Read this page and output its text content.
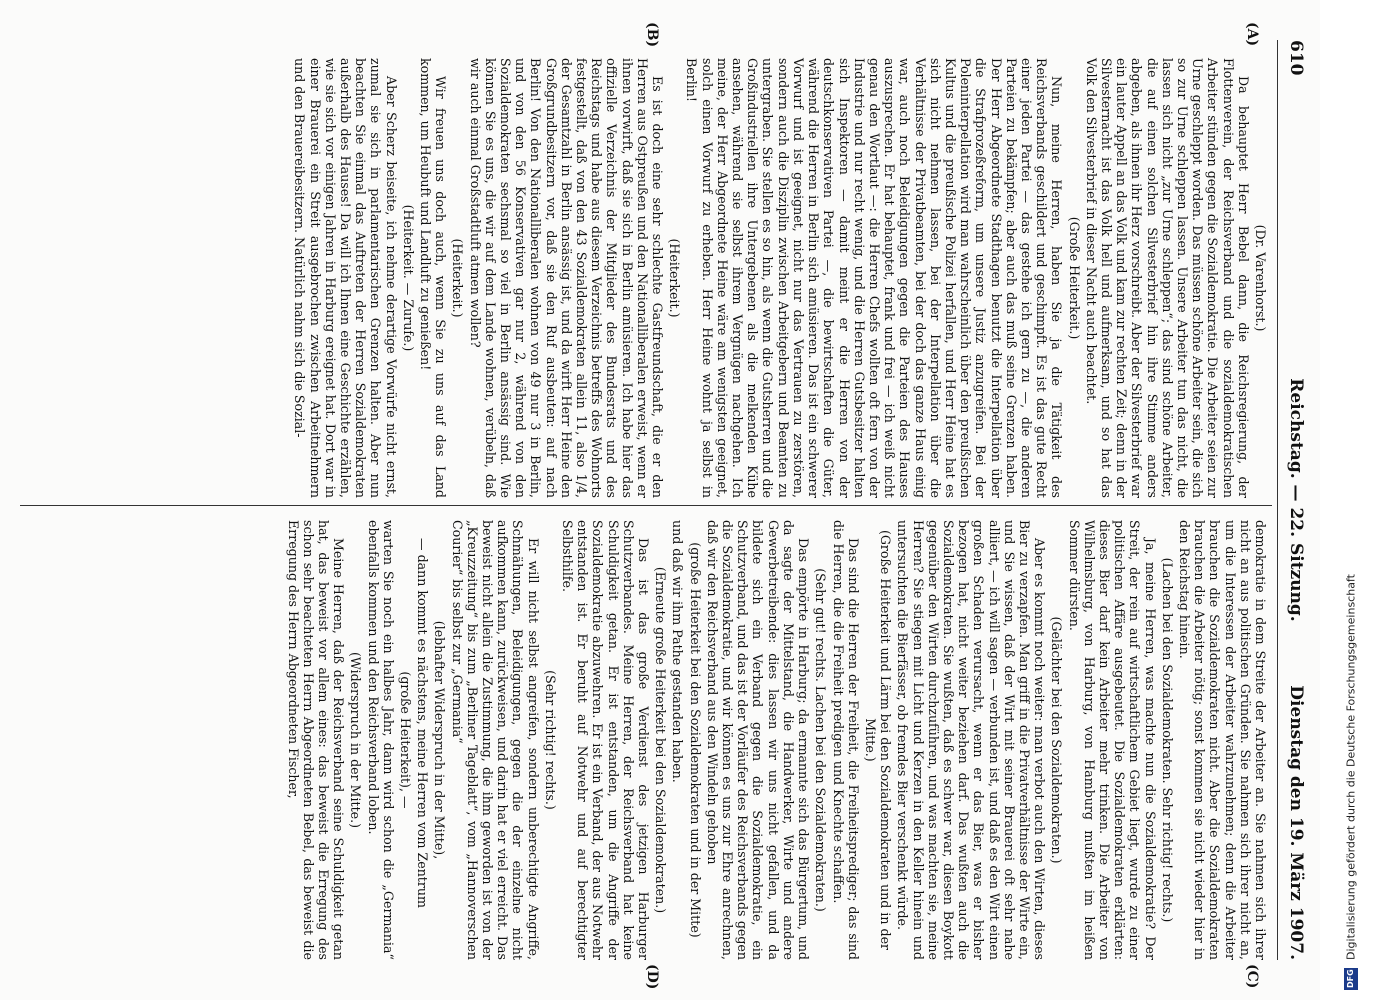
610
Reichstag. — 22. Sitzung.
Dienstag den 19. März 1907.
(A)
(B)
(C)
(D)

(Dr. Varenhorst.)

Da behauptet Herr Bebel dann, die Reichsregierung, der Flottenverein, der Reichsverband und die sozialdemokratischen Arbeiter stünden gegen die Sozialdemokratie. Die Arbeiter seien zur Urne geschleppt worden. Das müssen schöne Arbeiter sein, die sich so zur Urne schleppen lassen. Unsere Arbeiter tun das nicht, die lassen sich nicht „zur Urne schleppen“; das sind schöne Arbeiter, die auf einen solchen Silvesterbrief hin ihre Stimme anders abgeben, als ihnen ihr Herz vorschreibt. Aber der Silvesterbrief war ein lauter Appell an das Volk und kam zur rechten Zeit; denn in der Silvesternacht ist das Volk hell und aufmerksam, und so hat das Volk den Silvesterbrief in dieser Nacht auch beachtet.

(Große Heiterkeit.)

Nun, meine Herren, haben Sie ja die Tätigkeit des Reichsverbands geschildert und geschimpft. Es ist das gute Recht einer jeden Partei — das gestehe ich gern zu —, die anderen Parteien zu bekämpfen; aber auch das muß seine Grenzen haben. Der Herr Abgeordnete Stadthagen benutzt die Interpellation über die Strafprozeßreform, um unsere Justiz anzugreifen. Bei der Poleninterpellation wird man wahrscheinlich über den preußischen Kultus und die preußische Polizei herfallen, und Herr Heine hat es sich nicht nehmen lassen, bei der Interpellation über die Verhältnisse der Privatbeamten, bei der doch das ganze Haus einig war, auch noch Beleidigungen gegen die Parteien des Hauses auszusprechen. Er hat behauptet, frank und frei — ich weiß nicht genau den Wortlaut —: die Herren Chefs wollten oft fern von der Industrie und nur recht wenig, und die Herren Gutsbesitzer halten sich Inspektoren — damit meint er die Herren von der deutschkonservativen Partei —, die bewirtschaften die Güter, während die Herren in Berlin sich amüsieren. Das ist ein schwerer Vorwurf und ist geeignet, nicht nur das Vertrauen zu zerstören, sondern auch die Disziplin zwischen Arbeitgebern und Beamten zu untergraben. Sie stellen es so hin, als wenn die Gutsherren und die Großindustriellen ihre Untergebenen als die melkenden Kühe ansehen, während sie selbst ihrem Vergnügen nachgehen. Ich meine, der Herr Abgeordnete Heine wäre am wenigsten geeignet, solch einen Vorwurf zu erheben. Herr Heine wohnt ja selbst in Berlin!

(Heiterkeit.)

Es ist doch eine sehr schlechte Gastfreundschaft, die er den Herren aus Ostpreußen und den Nationalliberalen erweist, wenn er ihnen vorwirft, daß sie sich in Berlin amüsieren. Ich habe hier das offizielle Verzeichnis der Mitglieder des Bundesrats und des Reichstags und habe aus diesem Verzeichnis betreffs des Wohnorts festgestellt, daß von den 43 Sozialdemokraten allein 11, also 1/4, der Gesamtzahl in Berlin ansässig ist, und da wirft Herr Heine den Großgrundbesitzern vor, daß sie den Ruf ausbeuten: auf nach Berlin! Von den Nationalliberalen wohnen von 49 nur 3 in Berlin, und von den 56 Konservativen gar nur 2, während von den Sozialdemokraten sechsmal so viel in Berlin ansässig sind. Wie können Sie es uns, die wir auf dem Lande wohnen, verübeln, daß wir auch einmal Großstadtluft atmen wollen?

(Heiterkeit.)

Wir freuen uns doch auch, wenn Sie zu uns auf das Land kommen, um Heubuft und Landluft zu genießen!

(Heiterkeit. — Zurufe.)

Aber Scherz beiseite, ich nehme derartige Vorwürfe nicht ernst, zumal sie sich in parlamentarischen Grenzen halten. Aber nun beachten Sie einmal das Auftreten der Herren Sozialdemokraten außerhalb des Hauses! Da will ich Ihnen eine Geschichte erzählen, wie sie sich vor einigen Jahren in Harburg ereignet hat. Dort war in einer Brauerei ein Streit ausgebrochen zwischen Arbeitnehmern und den Brauereibesitzern. Natürlich nahm sich die Sozial-

demokratie in dem Streite der Arbeiter an. Sie nahmen sich ihrer nicht an aus politischen Gründen. Sie nahmen sich ihrer nicht an, um die Interessen der Arbeiter wahrzunehmen; denn die Arbeiter brauchen die Sozialdemokraten nicht. Aber die Sozialdemokraten brauchen die Arbeiter nötig; sonst kommen sie nicht wieder hier in den Reichstag hinein.

(Lachen bei den Sozialdemokraten. Sehr richtig! rechts.)

Ja, meine Herren, was machte nun die Sozialdemokratie? Der Streit, der rein auf wirtschaftlichem Gebiet liegt, wurde zu einer politischen Affäre ausgebeutet. Die Sozialdemokraten erklärten: dieses Bier darf kein Arbeiter mehr trinken. Die Arbeiter von Wilhelmsburg, von Harburg, von Hamburg mußten im heißen Sommer dürsten.

(Gelächter bei den Sozialdemokraten.)

Aber es kommt noch weiter: man verbot auch den Wirten, dieses Bier zu verzapfen. Man griff in die Privatverhältnisse der Wirte ein, und Sie wissen, daß der Wirt mit seiner Brauerei oft sehr nahe alliiert, — ich will sagen — verbunden ist, und daß es den Wirt einen großen Schaden verursacht, wenn er das Bier, was er bisher bezogen hat, nicht weiter beziehen darf. Das wußten auch die Sozialdemokraten. Sie wußten, daß es schwer war, diesen Boykott gegenüber den Wirten durchzuführen, und was machten sie, meine Herren? Sie stiegen mit Licht und Kerzen in den Keller hinein und untersuchten die Bierfässer, ob fremdes Bier verschenkt würde.

(Große Heiterkeit und Lärm bei den Sozialdemokraten und in der Mitte.)

Das sind die Herren der Freiheit, die Freiheitsprediger; das sind die Herren, die die Freiheit predigen und Knechte schaffen.

(Sehr gut! rechts. Lachen bei den Sozialdemokraten.)

Das empörte in Harburg; da ermannte sich das Bürgertum, und da sagte der Mittelstand, die Handwerker, Wirte und andere Gewerbetreibende: dies lassen wir uns nicht gefallen, und da bildete sich ein Verband gegen die Sozialdemokratie, ein Schutzverband, und das ist der Vorläufer des Reichsverbands gegen die Sozialdemokratie, und wir können es uns zur Ehre anrechnen, daß wir den Reichsverband aus den Windeln gehoben

(große Heiterkeit bei den Sozialdemokraten und in der Mitte)

und daß wir ihm Pathe gestanden haben.

(Erneute große Heiterkeit bei den Sozialdemokraten.)

Das ist das große Verdienst des jetzigen Harburger Schutzverbandes. Meine Herren, der Reichsverband hat keine Schuldigkeit getan. Er ist entstanden, um die Angriffe der Sozialdemokratie abzuwehren. Er ist ein Verband, der aus Notwehr entstanden ist. Er beruht auf Notwehr und auf berechtigter Selbsthilfe.

(Sehr richtig! rechts.)

Er will nicht selbst angreifen, sondern unberechtigte Angriffe, Schmähungen, Beleidigungen, gegen die der einzelne nicht aufkommen kann, zurückweisen, und darin hat er viel erreicht. Das beweist nicht allein die Zustimmung, die ihm geworden ist von der „Kreuzzeitung“ bis zum „Berliner Tageblatt“, vom „Hannoverschen Courier“ bis selbst zur „Germania“

(lebhafter Widerspruch in der Mitte),

— dann kommt es nächstens, meine Herren vom Zentrum

(große Heiterkeit), —

warten Sie noch ein halbes Jahr, dann wird schon die „Germania“ ebenfalls kommen und den Reichsverband loben.

(Widerspruch in der Mitte.)

Meine Herren, daß der Reichsverband seine Schuldigkeit getan hat, das beweist vor allem eines: das beweist die Erregung des schon sehr beachteten Herrn Abgeordneten Bebel, das beweist die Erregung des Herrn Abgeordneten Fischer,

DFG
Digitalisierung gefördert durch die Deutsche Forschungsgemeinschaft
